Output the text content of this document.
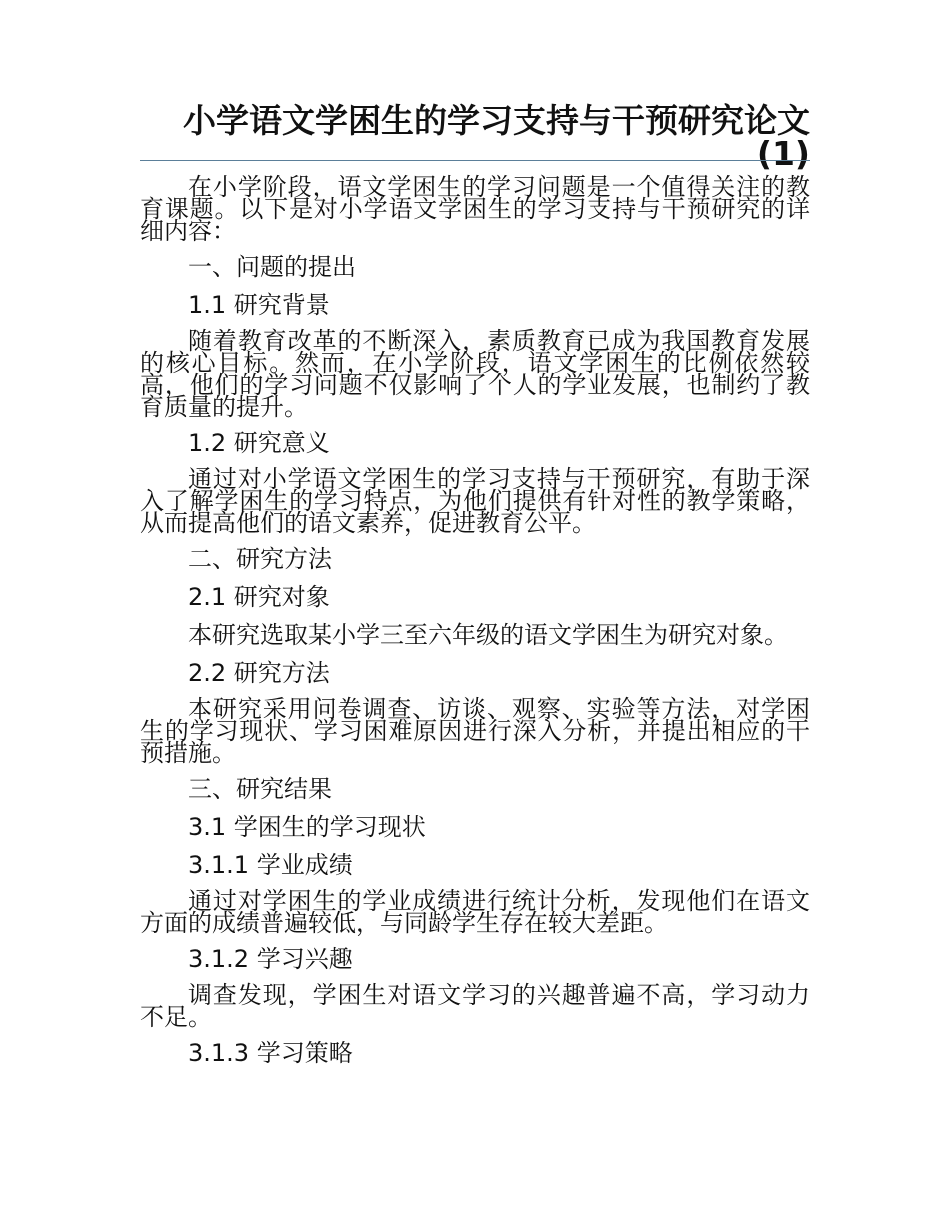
小学语文学困生的学习支持与干预研究论文 (1)

在小学阶段，语文学困生的学习问题是一个值得关注的教育课题。以下是对小学语文学困生的学习支持与干预研究的详细内容：

一、问题的提出

1.1 研究背景

随着教育改革的不断深入，素质教育已成为我国教育发展的核心目标。然而，在小学阶段，语文学困生的比例依然较高，他们的学习问题不仅影响了个人的学业发展，也制约了教育质量的提升。

1.2 研究意义

通过对小学语文学困生的学习支持与干预研究，有助于深入了解学困生的学习特点，为他们提供有针对性的教学策略，从而提高他们的语文素养，促进教育公平。

二、研究方法

2.1 研究对象

本研究选取某小学三至六年级的语文学困生为研究对象。

2.2 研究方法

本研究采用问卷调查、访谈、观察、实验等方法，对学困生的学习现状、学习困难原因进行深入分析，并提出相应的干预措施。

三、研究结果

3.1 学困生的学习现状

3.1.1 学业成绩

通过对学困生的学业成绩进行统计分析，发现他们在语文方面的成绩普遍较低，与同龄学生存在较大差距。

3.1.2 学习兴趣

调查发现，学困生对语文学习的兴趣普遍不高，学习动力不足。

3.1.3 学习策略
